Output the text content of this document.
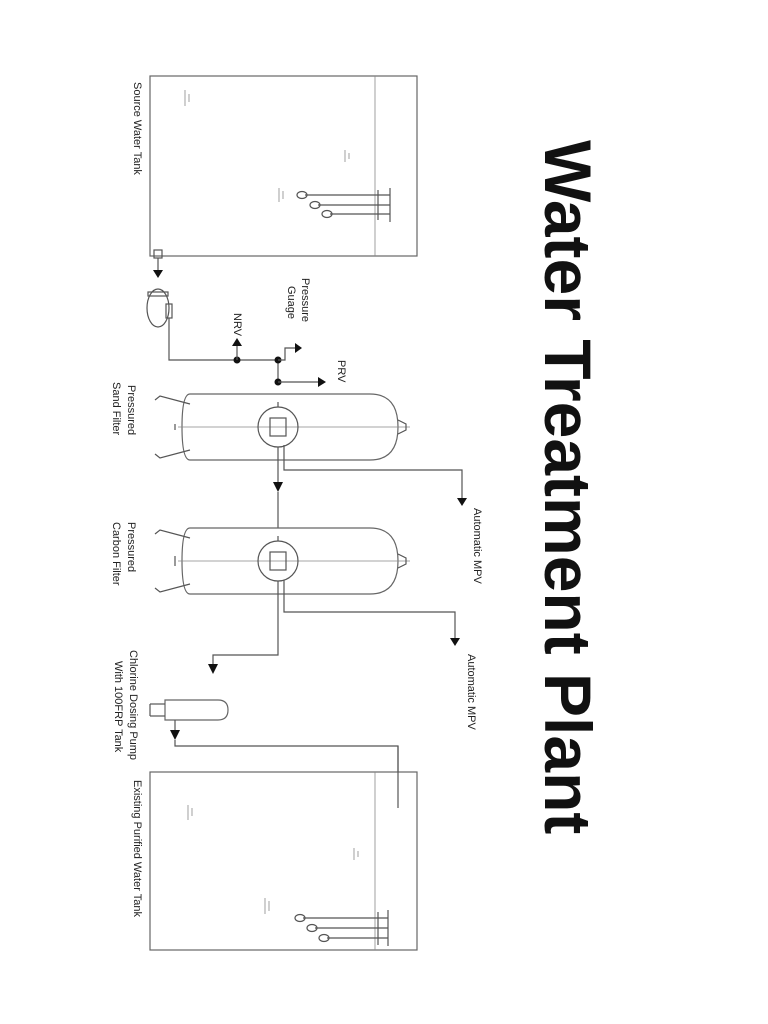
Water Treatment Plant
Source Water Tank
NRV
Pressure
Guage
PRV
Pressured
Sand Filter
Automatic MPV
Pressured
Carbon Filter
Automatic MPV
Chlorine Dosing Pump
With 100FRP Tank
Existing Purified Water Tank
